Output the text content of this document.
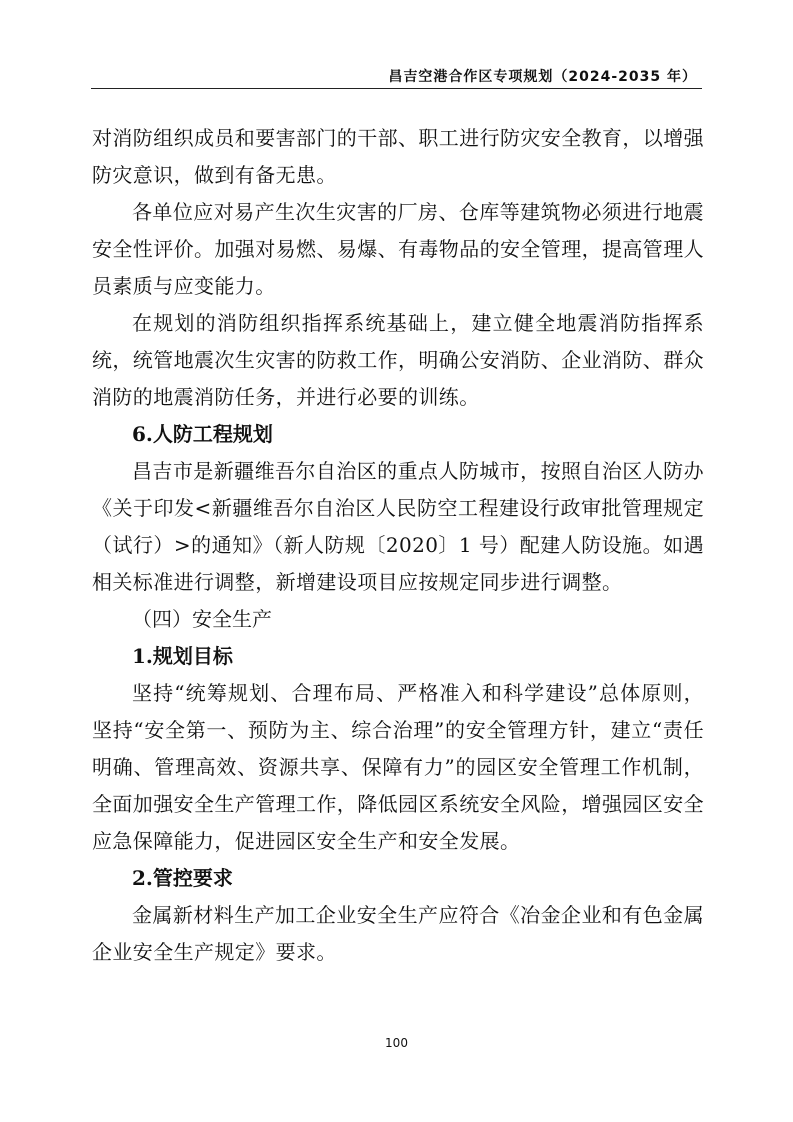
昌吉空港合作区专项规划（2024-2035 年）

对消防组织成员和要害部门的干部、职工进行防灾安全教育，以增强防灾意识，做到有备无患。

各单位应对易产生次生灾害的厂房、仓库等建筑物必须进行地震安全性评价。加强对易燃、易爆、有毒物品的安全管理，提高管理人员素质与应变能力。

在规划的消防组织指挥系统基础上，建立健全地震消防指挥系统，统管地震次生灾害的防救工作，明确公安消防、企业消防、群众消防的地震消防任务，并进行必要的训练。

6.人防工程规划

昌吉市是新疆维吾尔自治区的重点人防城市，按照自治区人防办《关于印发<新疆维吾尔自治区人民防空工程建设行政审批管理规定（试行）>的通知》（新人防规〔2020〕1 号）配建人防设施。如遇相关标准进行调整，新增建设项目应按规定同步进行调整。

（四）安全生产

1.规划目标

坚持“统筹规划、合理布局、严格准入和科学建设”总体原则，坚持“安全第一、预防为主、综合治理”的安全管理方针，建立“责任明确、管理高效、资源共享、保障有力”的园区安全管理工作机制，全面加强安全生产管理工作，降低园区系统安全风险，增强园区安全应急保障能力，促进园区安全生产和安全发展。

2.管控要求

金属新材料生产加工企业安全生产应符合《冶金企业和有色金属企业安全生产规定》要求。

100
